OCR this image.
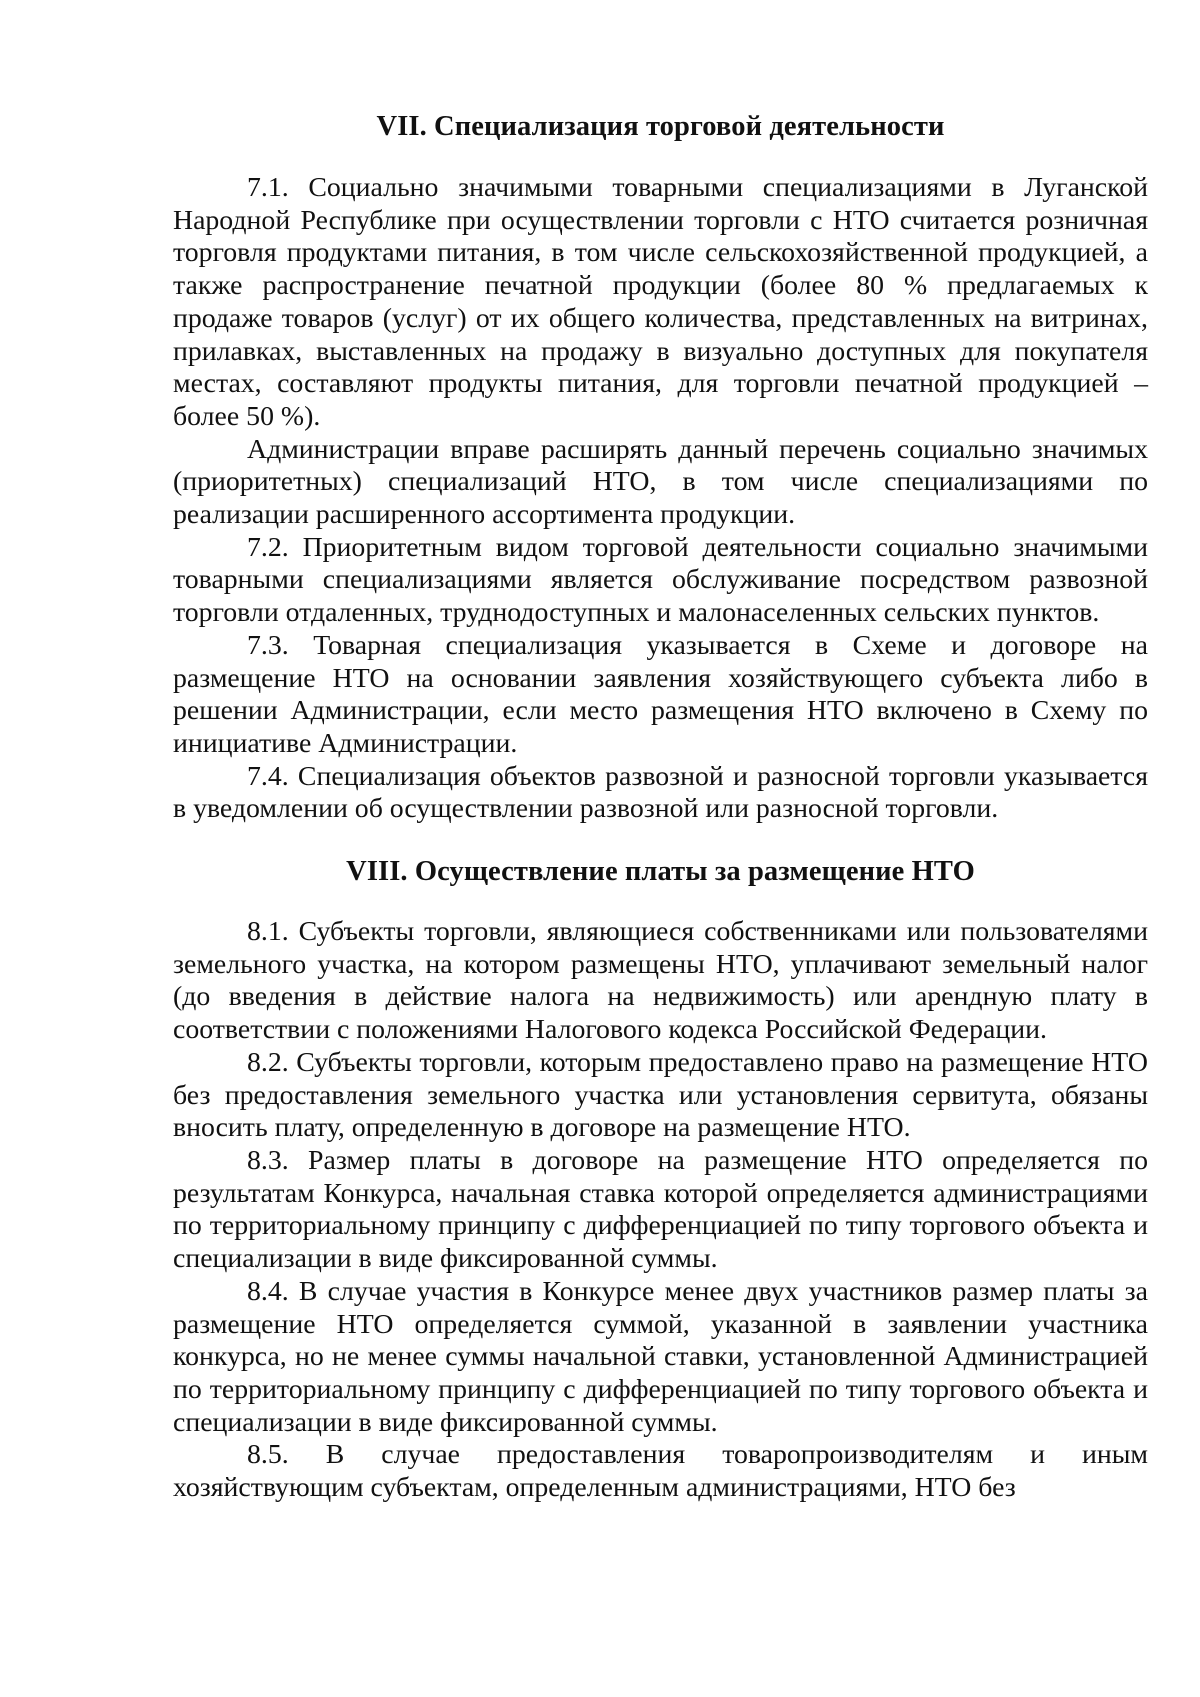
VII. Специализация торговой деятельности

7.1. Социально значимыми товарными специализациями в Луганской Народной Республике при осуществлении торговли с НТО считается розничная торговля продуктами питания, в том числе сельскохозяйственной продукцией, а также распространение печатной продукции (более 80 % предлагаемых к продаже товаров (услуг) от их общего количества, представленных на витринах, прилавках, выставленных на продажу в визуально доступных для покупателя местах, составляют продукты питания, для торговли печатной продукцией – более 50 %).

Администрации вправе расширять данный перечень социально значимых (приоритетных) специализаций НТО, в том числе специализациями по реализации расширенного ассортимента продукции.

7.2. Приоритетным видом торговой деятельности социально значимыми товарными специализациями является обслуживание посредством развозной торговли отдаленных, труднодоступных и малонаселенных сельских пунктов.

7.3. Товарная специализация указывается в Схеме и договоре на размещение НТО на основании заявления хозяйствующего субъекта либо в решении Администрации, если место размещения НТО включено в Схему по инициативе Администрации.

7.4. Специализация объектов развозной и разносной торговли указывается в уведомлении об осуществлении развозной или разносной торговли.

VIII. Осуществление платы за размещение НТО

8.1. Субъекты торговли, являющиеся собственниками или пользователями земельного участка, на котором размещены НТО, уплачивают земельный налог (до введения в действие налога на недвижимость) или арендную плату в соответствии с положениями Налогового кодекса Российской Федерации.

8.2. Субъекты торговли, которым предоставлено право на размещение НТО без предоставления земельного участка или установления сервитута, обязаны вносить плату, определенную в договоре на размещение НТО.

8.3. Размер платы в договоре на размещение НТО определяется по результатам Конкурса, начальная ставка которой определяется администрациями по территориальному принципу с дифференциацией по типу торгового объекта и специализации в виде фиксированной суммы.

8.4. В случае участия в Конкурсе менее двух участников размер платы за размещение НТО определяется суммой, указанной в заявлении участника конкурса, но не менее суммы начальной ставки, установленной Администрацией по территориальному принципу с дифференциацией по типу торгового объекта и специализации в виде фиксированной суммы.

8.5. В случае предоставления товаропроизводителям и иным хозяйствующим субъектам, определенным администрациями, НТО без
